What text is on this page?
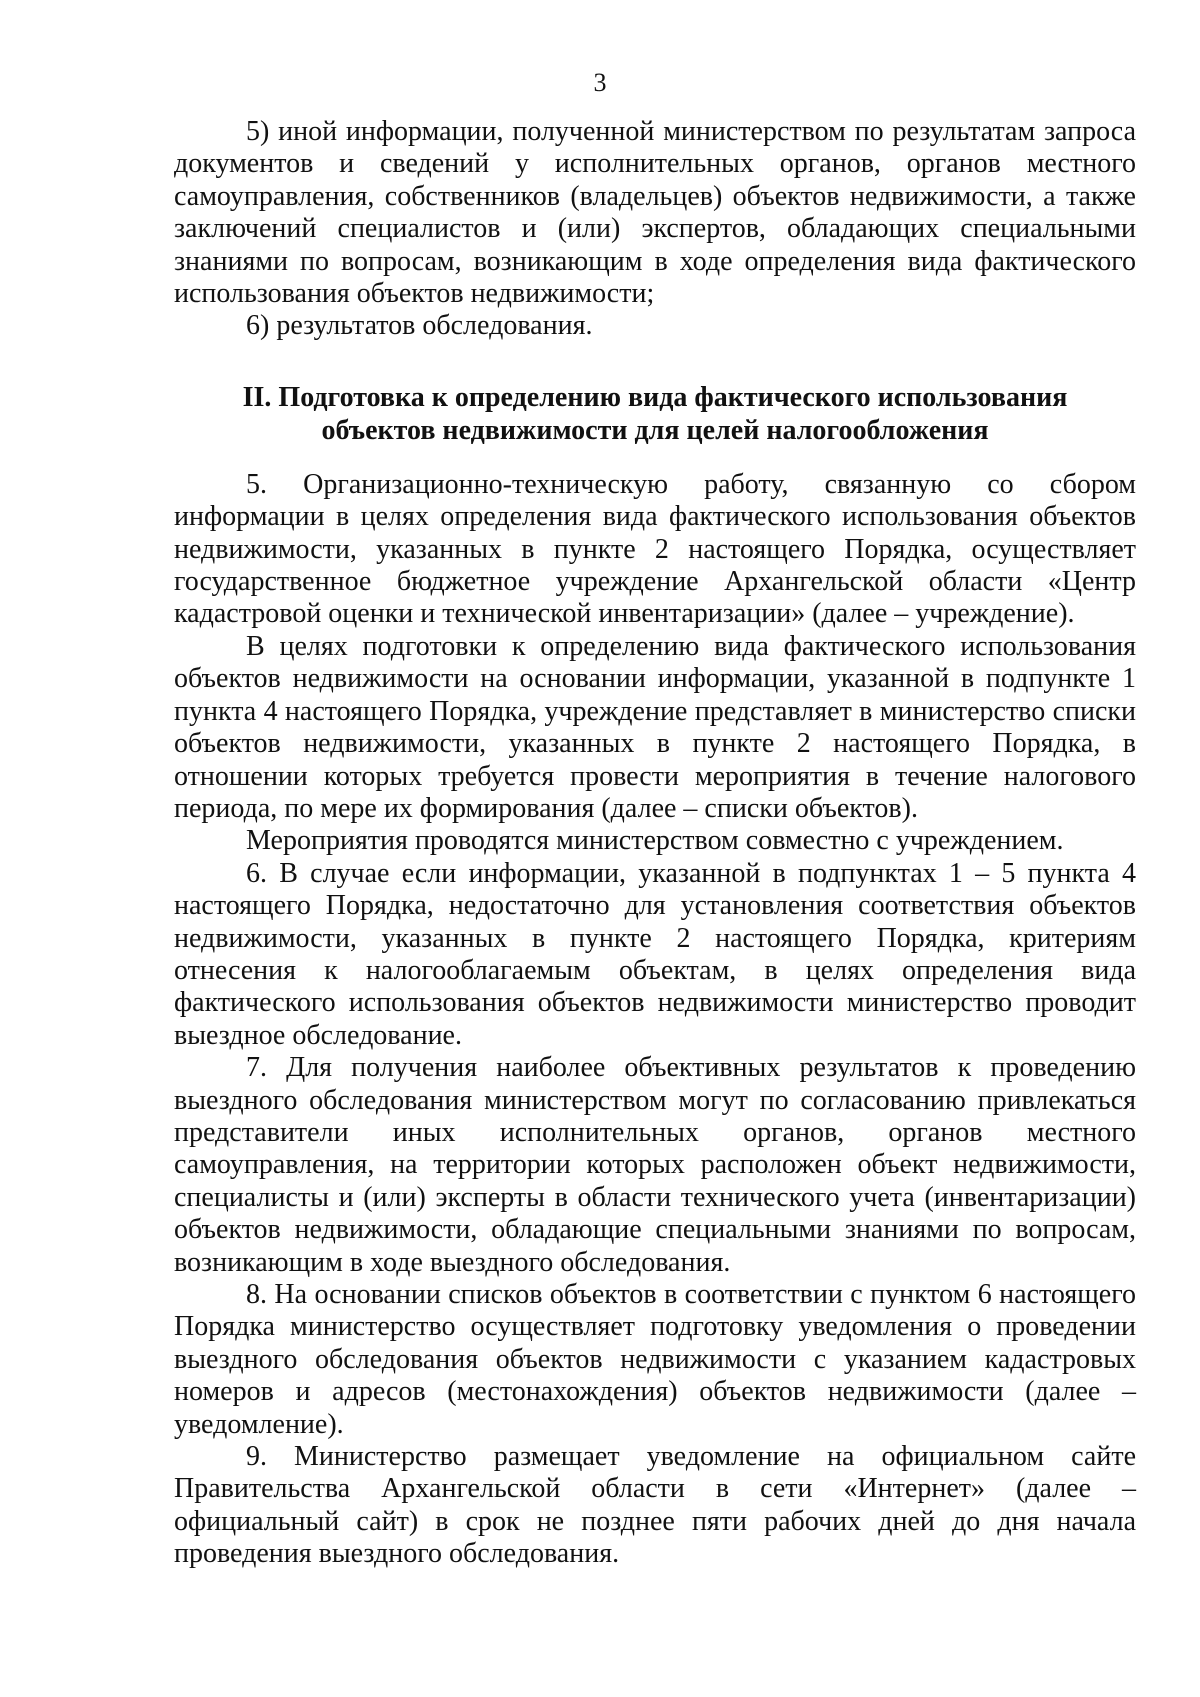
3

5) иной информации, полученной министерством по результатам запроса документов и сведений у исполнительных органов, органов местного самоуправления, собственников (владельцев) объектов недвижимости, а также заключений специалистов и (или) экспертов, обладающих специальными знаниями по вопросам, возникающим в ходе определения вида фактического использования объектов недвижимости;

6) результатов обследования.

II. Подготовка к определению вида фактического использования
объектов недвижимости для целей налогообложения

5. Организационно-техническую работу, связанную со сбором информации в целях определения вида фактического использования объектов недвижимости, указанных в пункте 2 настоящего Порядка, осуществляет государственное бюджетное учреждение Архангельской области «Центр кадастровой оценки и технической инвентаризации» (далее – учреждение).

В целях подготовки к определению вида фактического использования объектов недвижимости на основании информации, указанной в подпункте 1 пункта 4 настоящего Порядка, учреждение представляет в министерство списки объектов недвижимости, указанных в пункте 2 настоящего Порядка, в отношении которых требуется провести мероприятия в течение налогового периода, по мере их формирования (далее – списки объектов).

Мероприятия проводятся министерством совместно с учреждением.

6. В случае если информации, указанной в подпунктах 1 – 5 пункта 4 настоящего Порядка, недостаточно для установления соответствия объектов недвижимости, указанных в пункте 2 настоящего Порядка, критериям отнесения к налогооблагаемым объектам, в целях определения вида фактического использования объектов недвижимости министерство проводит выездное обследование.

7. Для получения наиболее объективных результатов к проведению выездного обследования министерством могут по согласованию привлекаться представители иных исполнительных органов, органов местного самоуправления, на территории которых расположен объект недвижимости, специалисты и (или) эксперты в области технического учета (инвентаризации) объектов недвижимости, обладающие специальными знаниями по вопросам, возникающим в ходе выездного обследования.

8. На основании списков объектов в соответствии с пунктом 6 настоящего Порядка министерство осуществляет подготовку уведомления о проведении выездного обследования объектов недвижимости с указанием кадастровых номеров и адресов (местонахождения) объектов недвижимости (далее – уведомление).

9. Министерство размещает уведомление на официальном сайте Правительства Архангельской области в сети «Интернет» (далее – официальный сайт) в срок не позднее пяти рабочих дней до дня начала проведения выездного обследования.
